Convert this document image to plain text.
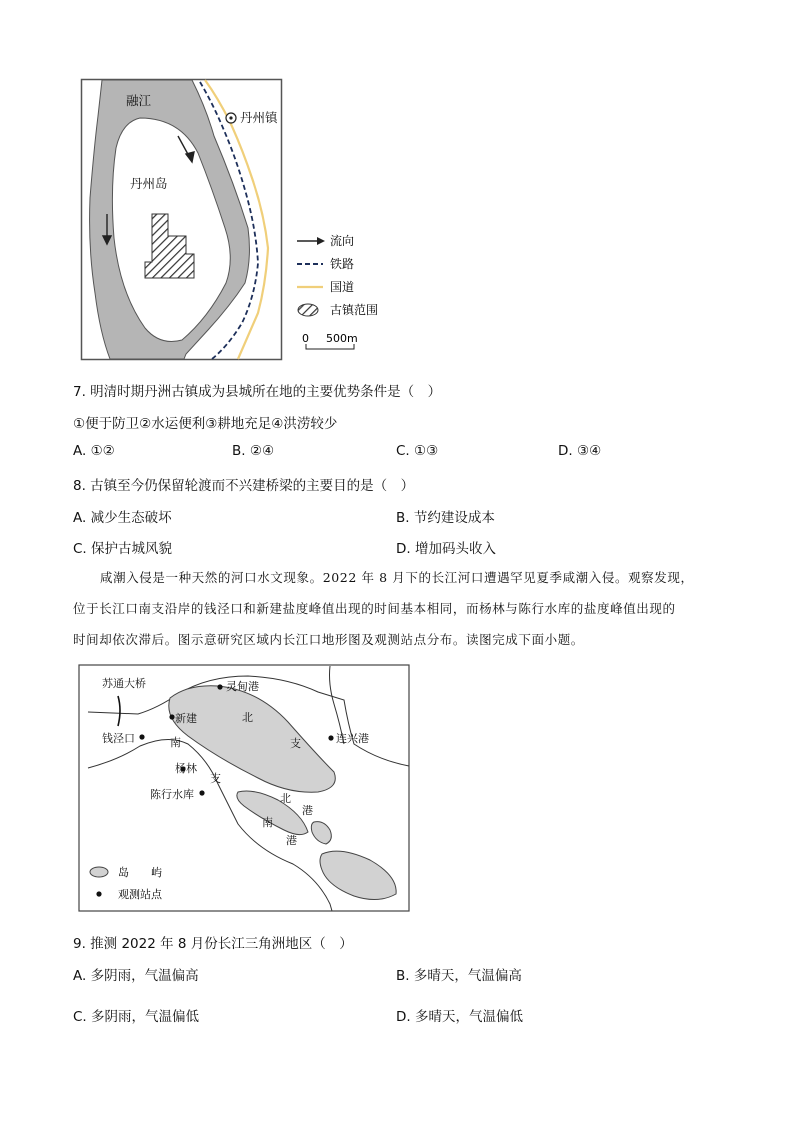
融江
丹州镇
丹州岛
流向
铁路
国道
古镇范围
0 500m
7. 明清时期丹洲古镇成为县城所在地的主要优势条件是（　）
①便于防卫②水运便利③耕地充足④洪涝较少
A. ①②	B. ②④	C. ①③	D. ③④
8. 古镇至今仍保留轮渡而不兴建桥梁的主要目的是（　）
A. 减少生态破坏	B. 节约建设成本
C. 保护古城风貌	D. 增加码头收入
咸潮入侵是一种天然的河口水文现象。2022 年 8 月下的长江河口遭遇罕见夏季咸潮入侵。观察发现，
位于长江口南支沿岸的钱泾口和新建盐度峰值出现的时间基本相同，而杨林与陈行水库的盐度峰值出现的
时间却依次滞后。图示意研究区域内长江口地形图及观测站点分布。读图完成下面小题。
苏通大桥	灵甸港
新建
连兴港
钱泾口
杨林
陈行水库
北
支
南
支
北
港
南
港
岛　　屿
观测站点
9. 推测 2022 年 8 月份长江三角洲地区（　）
A. 多阴雨，气温偏高	B. 多晴天，气温偏高
C. 多阴雨，气温偏低	D. 多晴天，气温偏低
